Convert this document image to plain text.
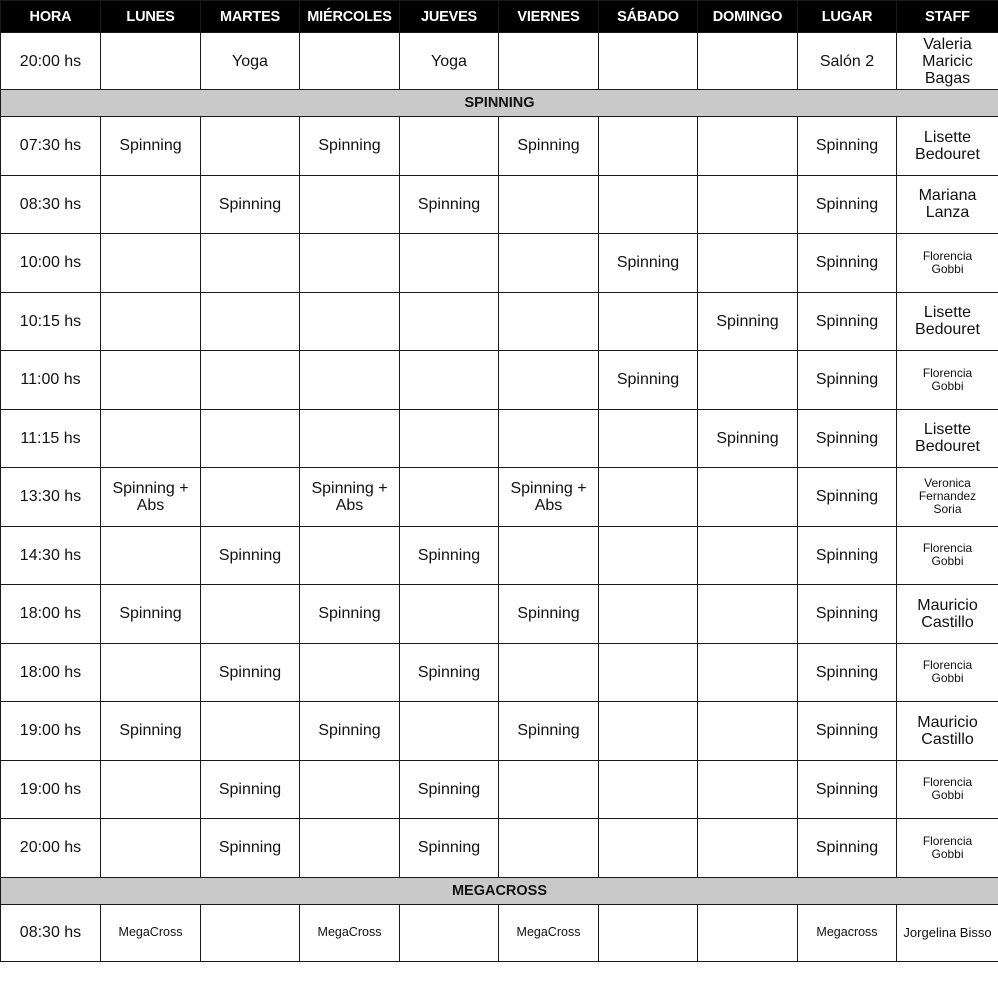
HORA	LUNES	MARTES	MIÉRCOLES	JUEVES	VIERNES	SÁBADO	DOMINGO	LUGAR	STAFF
20:00 hs		Yoga		Yoga				Salón 2	Valeria
Maricic
Bagas

SPINNING									
07:30 hs	Spinning		Spinning		Spinning			Spinning	Lisette
Bedouret

08:30 hs		Spinning		Spinning				Spinning	Mariana
Lanza

10:00 hs						Spinning		Spinning	Florencia
Gobbi

10:15 hs							Spinning	Spinning	Lisette
Bedouret

11:00 hs						Spinning		Spinning	Florencia
Gobbi

11:15 hs							Spinning	Spinning	Lisette
Bedouret

13:30 hs	Spinning +
Abs		Spinning +
Abs		Spinning +
Abs			Spinning	Veronica
Fernandez
Soria

14:30 hs		Spinning		Spinning				Spinning	Florencia
Gobbi

18:00 hs	Spinning		Spinning		Spinning			Spinning	Mauricio
Castillo

18:00 hs		Spinning		Spinning				Spinning	Florencia
Gobbi

19:00 hs	Spinning		Spinning		Spinning			Spinning	Mauricio
Castillo

19:00 hs		Spinning		Spinning				Spinning	Florencia
Gobbi

20:00 hs		Spinning		Spinning				Spinning	Florencia
Gobbi

MEGACROSS									
08:30 hs	MegaCross		MegaCross		MegaCross			Megacross	Jorgelina Bisso
